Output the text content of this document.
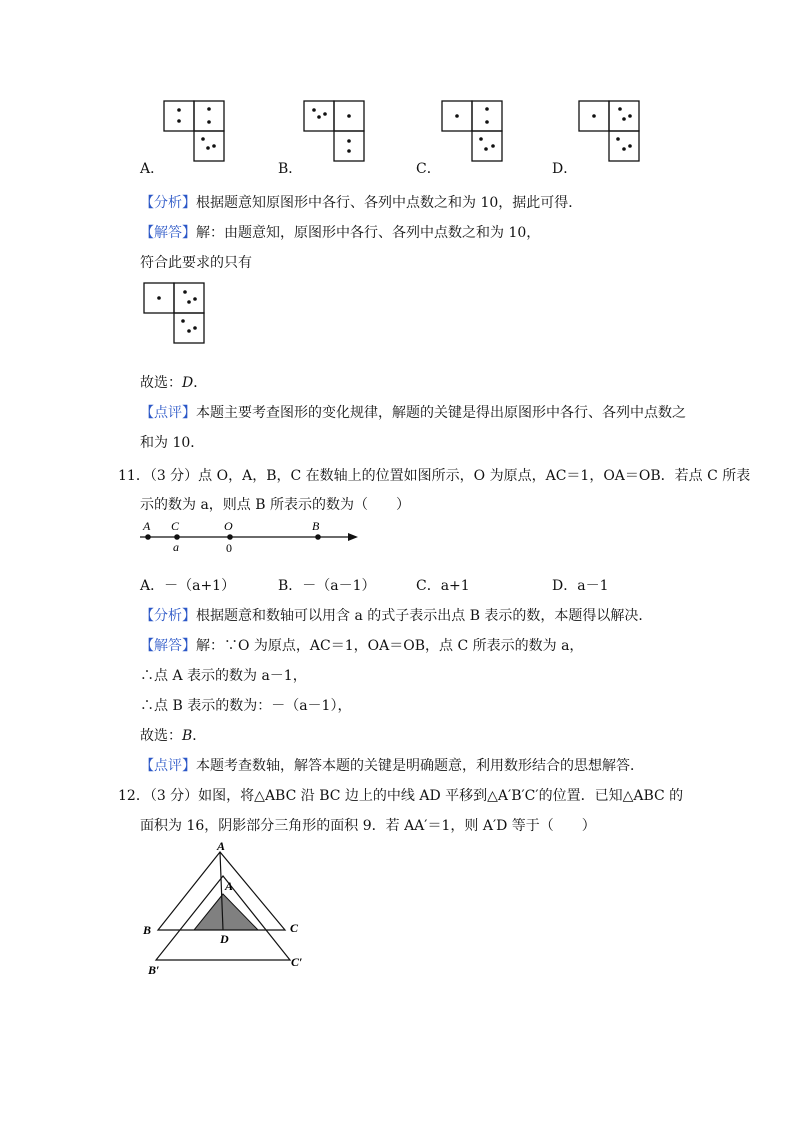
A．	B．	C．	D．
【分析】根据题意知原图形中各行、各列中点数之和为 10，据此可得．
【解答】解：由题意知，原图形中各行、各列中点数之和为 10，
符合此要求的只有
故选：D．
【点评】本题主要考查图形的变化规律，解题的关键是得出原图形中各行、各列中点数之
和为 10．
11．（3 分）点 O，A，B，C 在数轴上的位置如图所示，O 为原点，AC＝1，OA＝OB．若点 C 所表
示的数为 a，则点 B 所表示的数为（　　）
A C	O	B
a	0
A．－（a+1）	B．－（a－1）	C．a+1	D．a－1
【分析】根据题意和数轴可以用含 a 的式子表示出点 B 表示的数，本题得以解决．
【解答】解：∵O 为原点，AC＝1，OA＝OB，点 C 所表示的数为 a，
∴点 A 表示的数为 a－1，
∴点 B 表示的数为：－（a－1），
故选：B．
【点评】本题考查数轴，解答本题的关键是明确题意，利用数形结合的思想解答．
12．（3 分）如图，将△ABC 沿 BC 边上的中线 AD 平移到△A′B′C′的位置．已知△ABC 的
面积为 16，阴影部分三角形的面积 9．若 AA′＝1，则 A′D 等于（　　）
A
A
B	C
D
B′
C′
